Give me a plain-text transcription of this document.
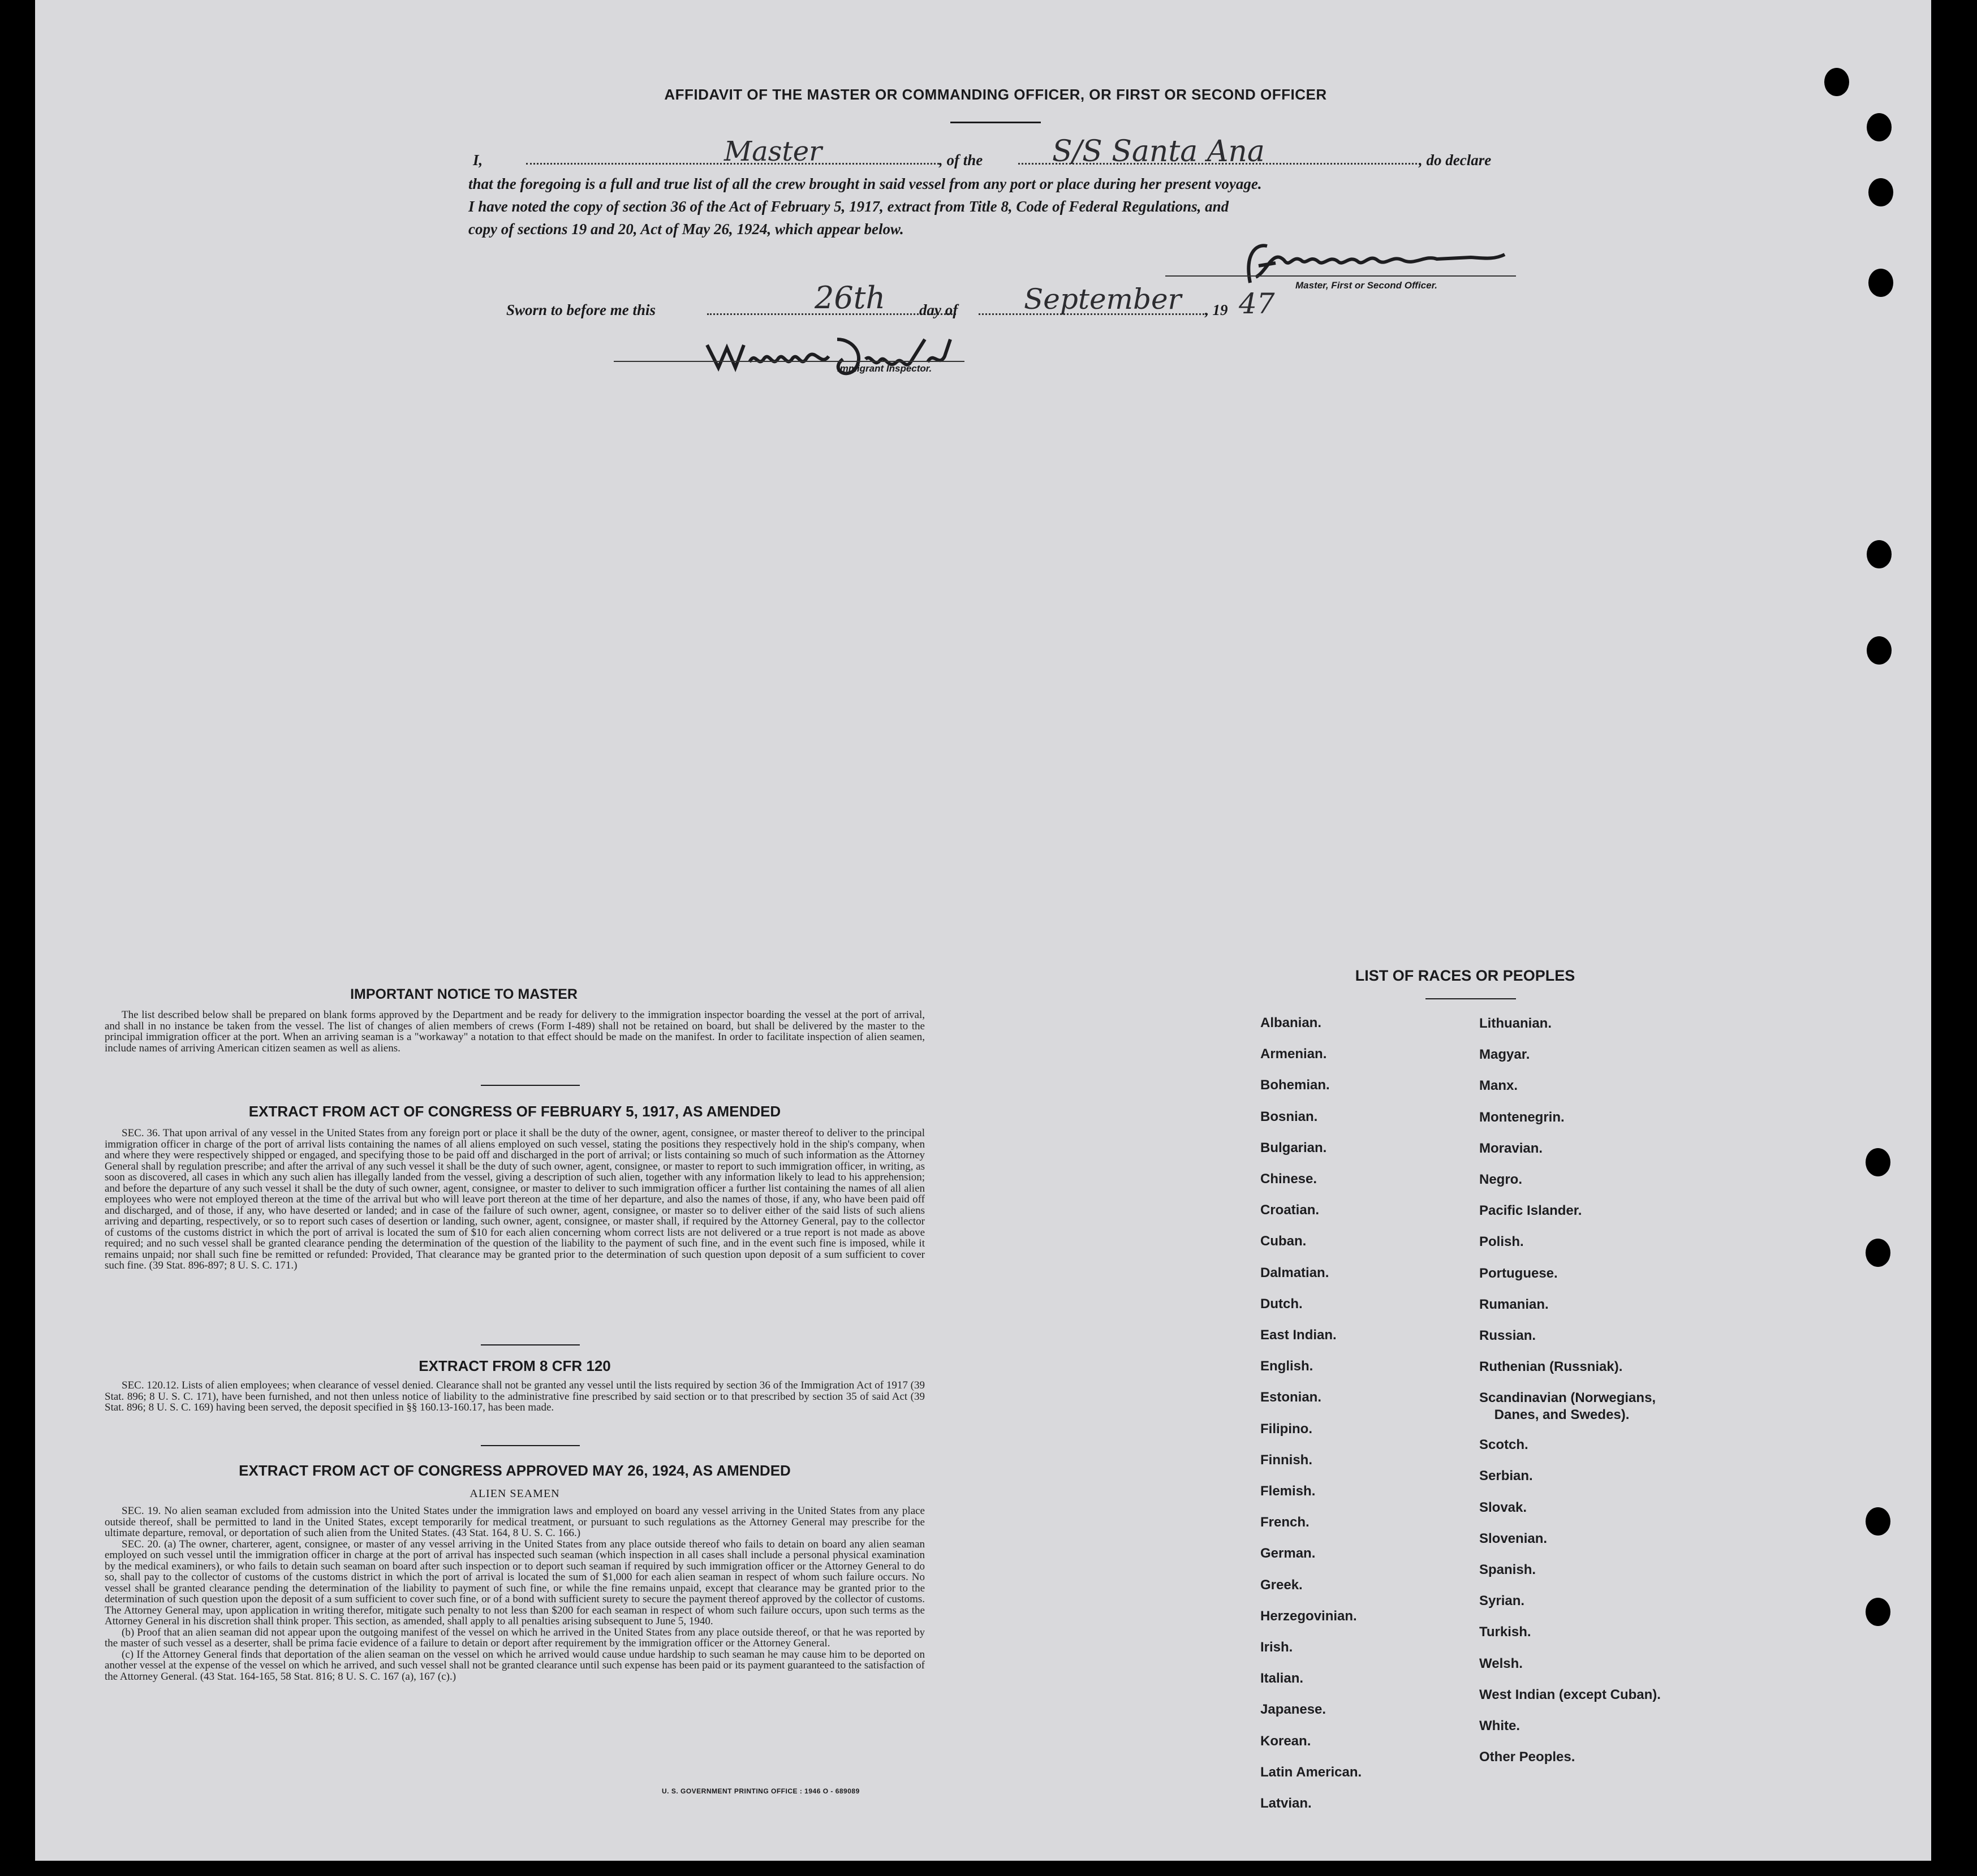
AFFIDAVIT OF THE MASTER OR COMMANDING OFFICER, OR FIRST OR SECOND OFFICER
I,	Master	, of the S/S Santa Ana	, do declare
that the foregoing is a full and true list of all the crew brought in said vessel from any port or place during her present voyage.
I have noted the copy of section 36 of the Act of February 5, 1917, extract from Title 8, Code of Federal Regulations, and
copy of sections 19 and 20, Act of May 26, 1924, which appear below.
Master, First or Second Officer.
Sworn to before me this	26th day of September , 19 47
Immigrant Inspector.
IMPORTANT NOTICE TO MASTER

The list described below shall be prepared on blank forms approved by the Department and be ready for delivery to the immigration inspector boarding the vessel at the port of arrival, and shall in no instance be taken from the vessel. The list of changes of alien members of crews (Form I-489) shall not be retained on board, but shall be delivered by the master to the principal immigration officer at the port. When an arriving seaman is a "workaway" a notation to that effect should be made on the manifest. In order to facilitate inspection of alien seamen, include names of arriving American citizen seamen as well as aliens.

EXTRACT FROM ACT OF CONGRESS OF FEBRUARY 5, 1917, AS AMENDED

SEC. 36. That upon arrival of any vessel in the United States from any foreign port or place it shall be the duty of the owner, agent, consignee, or master thereof to deliver to the principal immigration officer in charge of the port of arrival lists containing the names of all aliens employed on such vessel, stating the positions they respectively hold in the ship's company, when and where they were respectively shipped or engaged, and specifying those to be paid off and discharged in the port of arrival; or lists containing so much of such information as the Attorney General shall by regulation prescribe; and after the arrival of any such vessel it shall be the duty of such owner, agent, consignee, or master to report to such immigration officer, in writing, as soon as discovered, all cases in which any such alien has illegally landed from the vessel, giving a description of such alien, together with any information likely to lead to his apprehension; and before the departure of any such vessel it shall be the duty of such owner, agent, consignee, or master to deliver to such immigration officer a further list containing the names of all alien employees who were not employed thereon at the time of the arrival but who will leave port thereon at the time of her departure, and also the names of those, if any, who have been paid off and discharged, and of those, if any, who have deserted or landed; and in case of the failure of such owner, agent, consignee, or master so to deliver either of the said lists of such aliens arriving and departing, respectively, or so to report such cases of desertion or landing, such owner, agent, consignee, or master shall, if required by the Attorney General, pay to the collector of customs of the customs district in which the port of arrival is located the sum of $10 for each alien concerning whom correct lists are not delivered or a true report is not made as above required; and no such vessel shall be granted clearance pending the determination of the question of the liability to the payment of such fine, and in the event such fine is imposed, while it remains unpaid; nor shall such fine be remitted or refunded: Provided, That clearance may be granted prior to the determination of such question upon deposit of a sum sufficient to cover such fine. (39 Stat. 896-897; 8 U. S. C. 171.)

EXTRACT FROM 8 CFR 120

SEC. 120.12. Lists of alien employees; when clearance of vessel denied. Clearance shall not be granted any vessel until the lists required by section 36 of the Immigration Act of 1917 (39 Stat. 896; 8 U. S. C. 171), have been furnished, and not then unless notice of liability to the administrative fine prescribed by said section or to that prescribed by section 35 of said Act (39 Stat. 896; 8 U. S. C. 169) having been served, the deposit specified in §§ 160.13-160.17, has been made.

EXTRACT FROM ACT OF CONGRESS APPROVED MAY 26, 1924, AS AMENDED
ALIEN SEAMEN

SEC. 19. No alien seaman excluded from admission into the United States under the immigration laws and employed on board any vessel arriving in the United States from any place outside thereof, shall be permitted to land in the United States, except temporarily for medical treatment, or pursuant to such regulations as the Attorney General may prescribe for the ultimate departure, removal, or deportation of such alien from the United States. (43 Stat. 164, 8 U. S. C. 166.)

SEC. 20. (a) The owner, charterer, agent, consignee, or master of any vessel arriving in the United States from any place outside thereof who fails to detain on board any alien seaman employed on such vessel until the immigration officer in charge at the port of arrival has inspected such seaman (which inspection in all cases shall include a personal physical examination by the medical examiners), or who fails to detain such seaman on board after such inspection or to deport such seaman if required by such immigration officer or the Attorney General to do so, shall pay to the collector of customs of the customs district in which the port of arrival is located the sum of $1,000 for each alien seaman in respect of whom such failure occurs. No vessel shall be granted clearance pending the determination of the liability to payment of such fine, or while the fine remains unpaid, except that clearance may be granted prior to the determination of such question upon the deposit of a sum sufficient to cover such fine, or of a bond with sufficient surety to secure the payment thereof approved by the collector of customs. The Attorney General may, upon application in writing therefor, mitigate such penalty to not less than $200 for each seaman in respect of whom such failure occurs, upon such terms as the Attorney General in his discretion shall think proper. This section, as amended, shall apply to all penalties arising subsequent to June 5, 1940.

(b) Proof that an alien seaman did not appear upon the outgoing manifest of the vessel on which he arrived in the United States from any place outside thereof, or that he was reported by the master of such vessel as a deserter, shall be prima facie evidence of a failure to detain or deport after requirement by the immigration officer or the Attorney General.

(c) If the Attorney General finds that deportation of the alien seaman on the vessel on which he arrived would cause undue hardship to such seaman he may cause him to be deported on another vessel at the expense of the vessel on which he arrived, and such vessel shall not be granted clearance until such expense has been paid or its payment guaranteed to the satisfaction of the Attorney General. (43 Stat. 164-165, 58 Stat. 816; 8 U. S. C. 167 (a), 167 (c).)

U. S. GOVERNMENT PRINTING OFFICE : 1946 O - 689089
LIST OF RACES OR PEOPLES
Albanian.
Armenian.
Bohemian.
Bosnian.
Bulgarian.
Chinese.
Croatian.
Cuban.
Dalmatian.
Dutch.
East Indian.
English.
Estonian.
Filipino.
Finnish.
Flemish.
French.
German.
Greek.
Herzegovinian.
Irish.
Italian.
Japanese.
Korean.
Latin American.
Latvian.
Lithuanian.
Magyar.
Manx.
Montenegrin.
Moravian.
Negro.
Pacific Islander.
Polish.
Portuguese.
Rumanian.
Russian.
Ruthenian (Russniak).
Scandinavian (Norwegians,
Danes, and Swedes).
Scotch.
Serbian.
Slovak.
Slovenian.
Spanish.
Syrian.
Turkish.
Welsh.
West Indian (except Cuban).
White.
Other Peoples.
